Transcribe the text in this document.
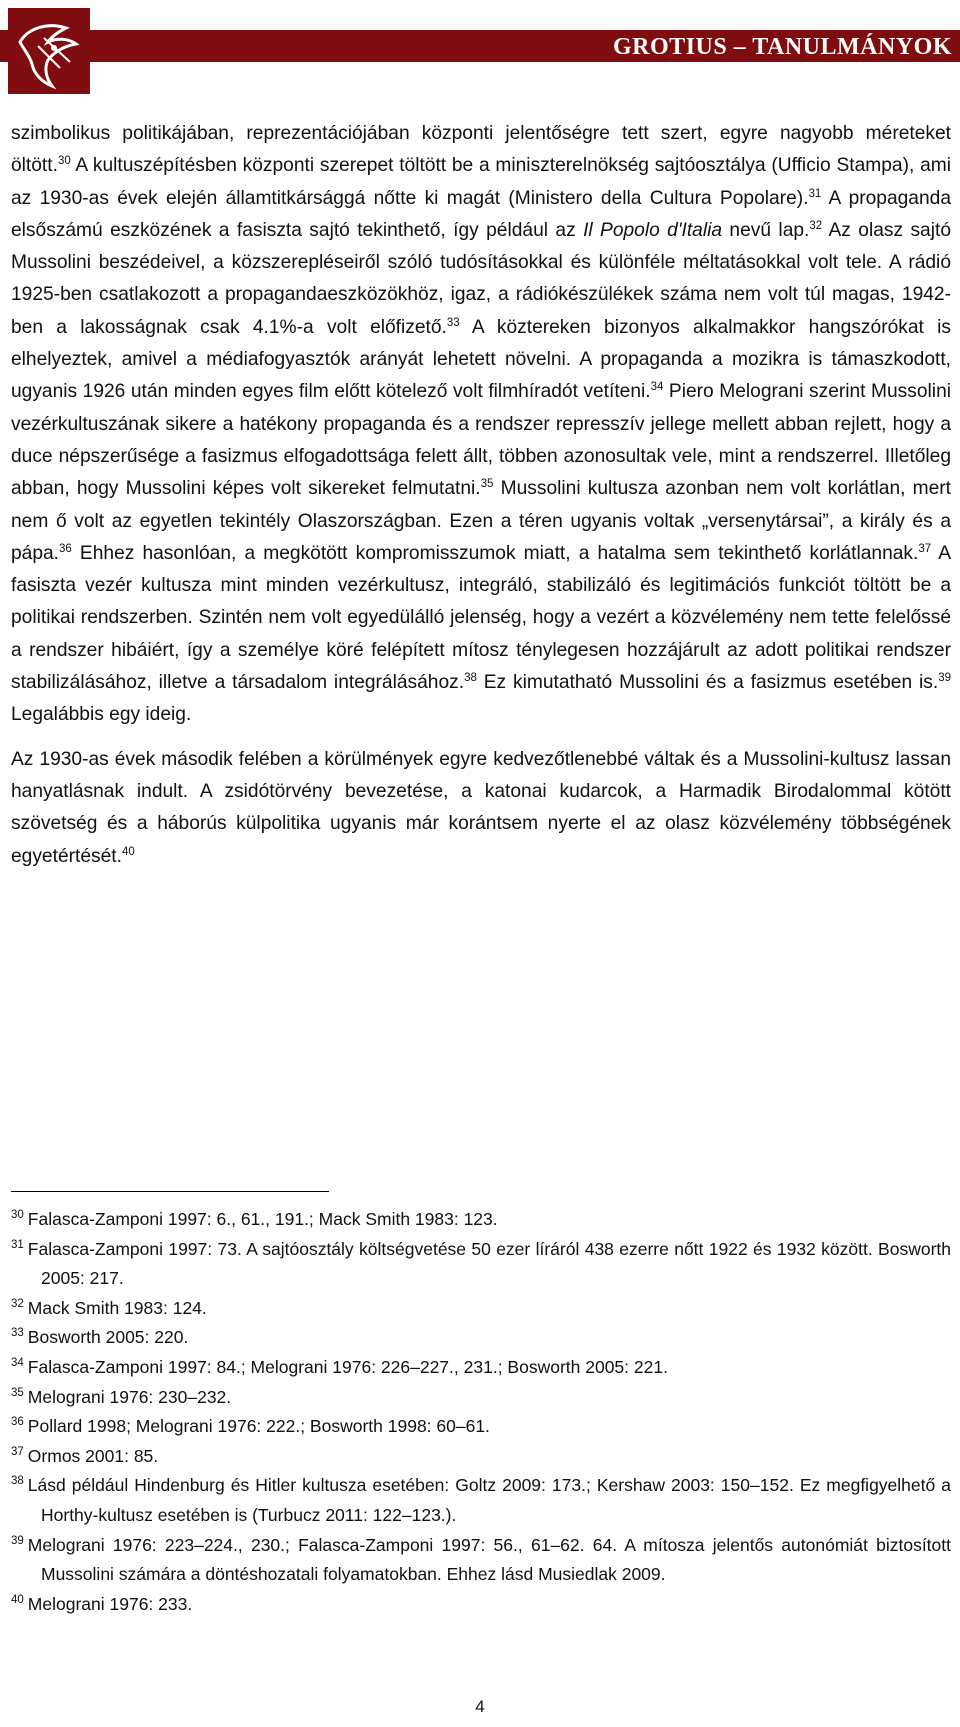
GROTIUS – TANULMÁNYOK

szimbolikus politikájában, reprezentációjában központi jelentőségre tett szert, egyre nagyobb méreteket öltött.$^{30}$ A kultuszépítésben központi szerepet töltött be a miniszterelnökség sajtóosztálya (Ufficio Stampa), ami az 1930-as évek elején államtitkársággá nőtte ki magát (Ministero della Cultura Popolare).$^{31}$ A propaganda elsőszámú eszközének a fasiszta sajtó tekinthető, így például az Il Popolo d'Italia nevű lap.$^{32}$ Az olasz sajtó Mussolini beszédeivel, a közszerepléseiről szóló tudósításokkal és különféle méltatásokkal volt tele. A rádió 1925-ben csatlakozott a propagandaeszközökhöz, igaz, a rádiókészülékek száma nem volt túl magas, 1942-ben a lakosságnak csak 4.1%-a volt előfizető.$^{33}$ A köztereken bizonyos alkalmakkor hangszórókat is elhelyeztek, amivel a médiafogyasztók arányát lehetett növelni. A propaganda a mozikra is támaszkodott, ugyanis 1926 után minden egyes film előtt kötelező volt filmhíradót vetíteni.$^{34}$ Piero Melograni szerint Mussolini vezérkultuszának sikere a hatékony propaganda és a rendszer represszív jellege mellett abban rejlett, hogy a duce népszerűsége a fasizmus elfogadottsága felett állt, többen azonosultak vele, mint a rendszerrel. Illetőleg abban, hogy Mussolini képes volt sikereket felmutatni.$^{35}$ Mussolini kultusza azonban nem volt korlátlan, mert nem ő volt az egyetlen tekintély Olaszországban. Ezen a téren ugyanis voltak „versenytársai”, a király és a pápa.$^{36}$ Ehhez hasonlóan, a megkötött kompromisszumok miatt, a hatalma sem tekinthető korlátlannak.$^{37}$ A fasiszta vezér kultusza mint minden vezérkultusz, integráló, stabilizáló és legitimációs funkciót töltött be a politikai rendszerben. Szintén nem volt egyedülálló jelenség, hogy a vezért a közvélemény nem tette felelőssé a rendszer hibáiért, így a személye köré felépített mítosz ténylegesen hozzájárult az adott politikai rendszer stabilizálásához, illetve a társadalom integrálásához.$^{38}$ Ez kimutatható Mussolini és a fasizmus esetében is.$^{39}$ Legalábbis egy ideig.

Az 1930-as évek második felében a körülmények egyre kedvezőtlenebbé váltak és a Mussolini-kultusz lassan hanyatlásnak indult. A zsidótörvény bevezetése, a katonai kudarcok, a Harmadik Birodalommal kötött szövetség és a háborús külpolitika ugyanis már korántsem nyerte el az olasz közvélemény többségének egyetértését.$^{40}$

$^{30}$ Falasca-Zamponi 1997: 6., 61., 191.; Mack Smith 1983: 123.
$^{31}$ Falasca-Zamponi 1997: 73. A sajtóosztály költségvetése 50 ezer líráról 438 ezerre nőtt 1922 és 1932 között. Bosworth 2005: 217.
$^{32}$ Mack Smith 1983: 124.
$^{33}$ Bosworth 2005: 220.
$^{34}$ Falasca-Zamponi 1997: 84.; Melograni 1976: 226–227., 231.; Bosworth 2005: 221.
$^{35}$ Melograni 1976: 230–232.
$^{36}$ Pollard 1998; Melograni 1976: 222.; Bosworth 1998: 60–61.
$^{37}$ Ormos 2001: 85.
$^{38}$ Lásd például Hindenburg és Hitler kultusza esetében: Goltz 2009: 173.; Kershaw 2003: 150–152. Ez megfigyelhető a Horthy-kultusz esetében is (Turbucz 2011: 122–123.).
$^{39}$ Melograni 1976: 223–224., 230.; Falasca-Zamponi 1997: 56., 61–62. 64. A mítosza jelentős autonómiát biztosított Mussolini számára a döntéshozatali folyamatokban. Ehhez lásd Musiedlak 2009.
$^{40}$ Melograni 1976: 233.
4
